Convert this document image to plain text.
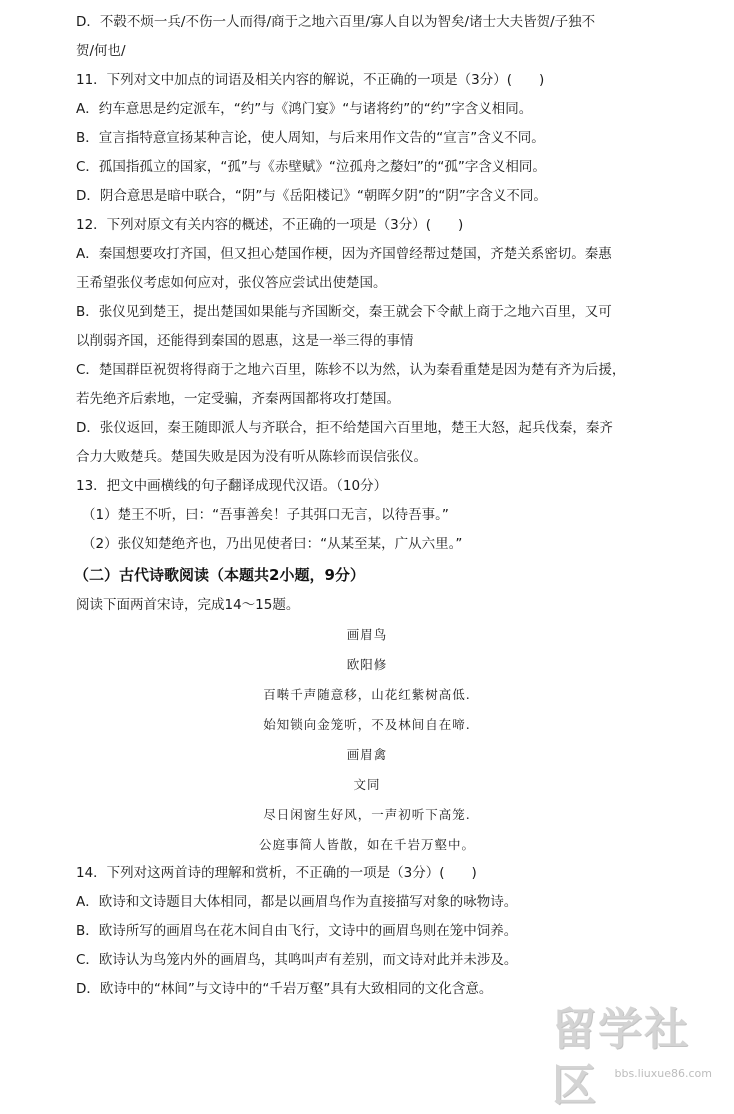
D．不毂不烦一兵/不伤一人而得/商于之地六百里/寡人自以为智矣/诸士大夫皆贺/子独不
贺/何也/
11．下列对文中加点的词语及相关内容的解说，不正确的一项是（3分）(　　)
A．约车意思是约定派车，“约”与《鸿门宴》“与诸将约”的“约”字含义相同。
B．宣言指特意宣扬某种言论，使人周知，与后来用作文告的“宣言”含义不同。
C．孤国指孤立的国家，“孤”与《赤壁赋》“泣孤舟之嫠妇”的“孤”字含义相同。
D．阴合意思是暗中联合，“阴”与《岳阳楼记》“朝晖夕阴”的“阴”字含义不同。
12．下列对原文有关内容的概述，不正确的一项是（3分）(　　)
A．秦国想要攻打齐国，但又担心楚国作梗，因为齐国曾经帮过楚国，齐楚关系密切。秦惠
王希望张仪考虑如何应对，张仪答应尝试出使楚国。
B．张仪见到楚王，提出楚国如果能与齐国断交，秦王就会下令献上商于之地六百里，又可
以削弱齐国，还能得到秦国的恩惠，这是一举三得的事情
C．楚国群臣祝贺将得商于之地六百里，陈轸不以为然，认为秦看重楚是因为楚有齐为后援，
若先绝齐后索地，一定受骗，齐秦两国都将攻打楚国。
D．张仪返回，秦王随即派人与齐联合，拒不给楚国六百里地，楚王大怒，起兵伐秦，秦齐
合力大败楚兵。楚国失败是因为没有听从陈轸而误信张仪。
13．把文中画横线的句子翻译成现代汉语。（10分）
（1）楚王不听，曰：“吾事善矣！子其弭口无言，以待吾事。”
（2）张仪知楚绝齐也，乃出见使者曰：“从某至某，广从六里。”
（二）古代诗歌阅读（本题共2小题，9分）
阅读下面两首宋诗，完成14～15题。
画眉鸟
欧阳修
百啭千声随意移，山花红紫树高低.
始知锁向金笼听，不及林间自在啼.
画眉禽
文同
尽日闲窗生好风，一声初听下高笼.
公庭事简人皆散，如在千岩万壑中。
14．下列对这两首诗的理解和赏析，不正确的一项是（3分）(　　)
A．欧诗和文诗题目大体相同，都是以画眉鸟作为直接描写对象的咏物诗。
B．欧诗所写的画眉鸟在花木间自由飞行，文诗中的画眉鸟则在笼中饲养。
C．欧诗认为鸟笼内外的画眉鸟，其鸣叫声有差别，而文诗对此并未涉及。
D．欧诗中的“林间”与文诗中的“千岩万壑”具有大致相同的文化含意。
留学社区	bbs.liuxue86.com
